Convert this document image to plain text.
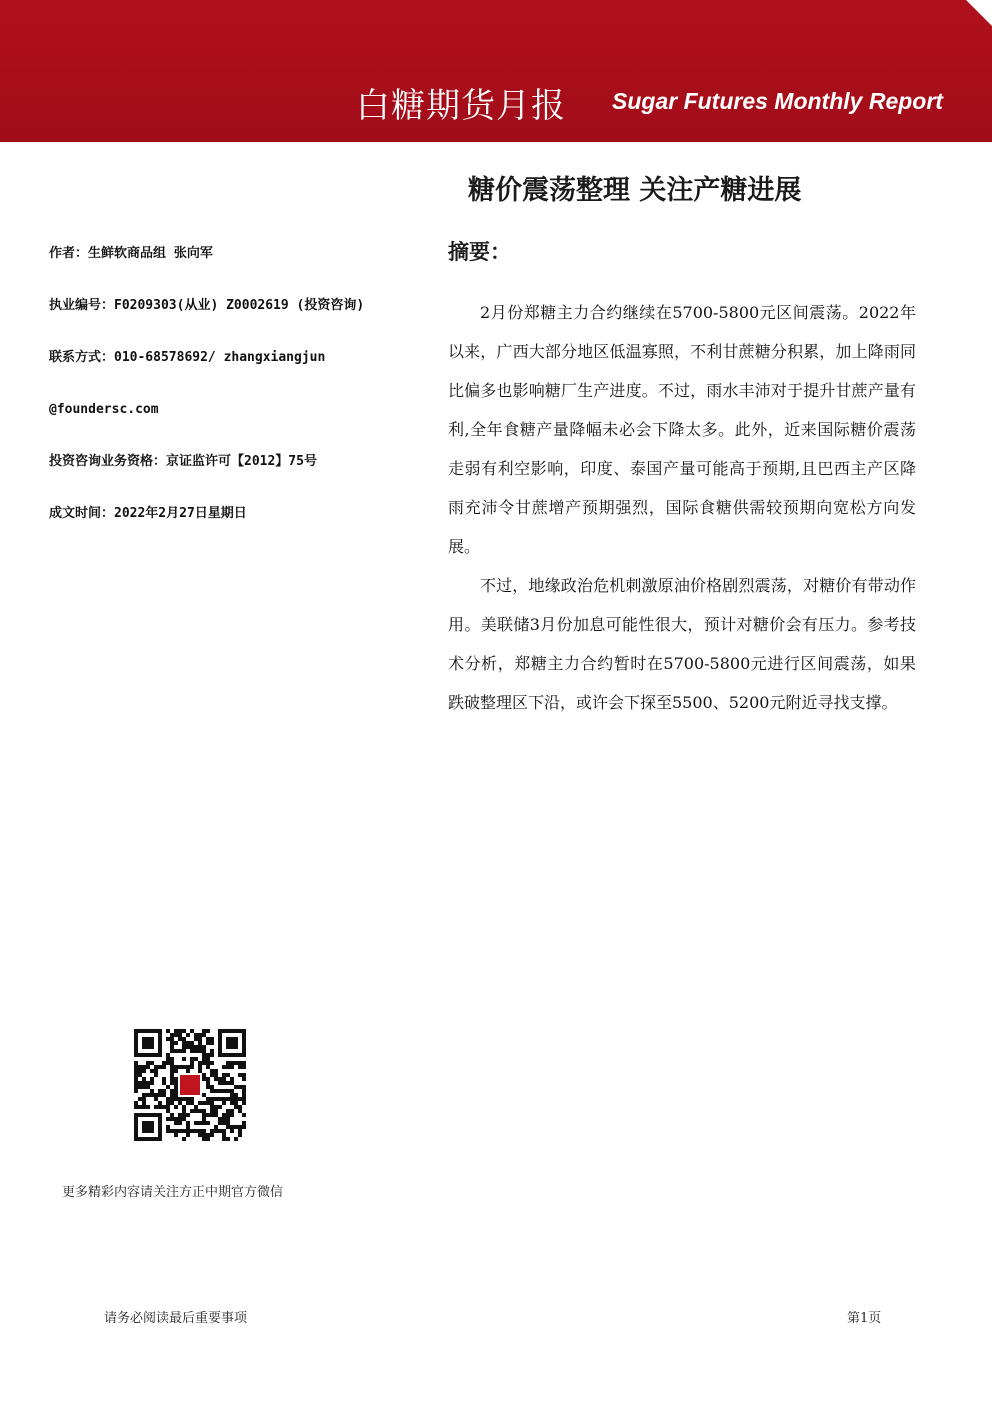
白糖期货月报 Sugar Futures Monthly Report
糖价震荡整理 关注产糖进展
作者：生鲜软商品组 张向军
执业编号：F0209303(从业) Z0002619 (投资咨询)
联系方式：010-68578692/ zhangxiangjun
@foundersc.com
投资咨询业务资格：京证监许可【2012】75号
成文时间：2022年2月27日星期日
摘要：

2月份郑糖主力合约继续在5700-5800元区间震荡。2022年以来，广西大部分地区低温寡照，不利甘蔗糖分积累，加上降雨同比偏多也影响糖厂生产进度。不过，雨水丰沛对于提升甘蔗产量有利,全年食糖产量降幅未必会下降太多。此外，近来国际糖价震荡走弱有利空影响，印度、泰国产量可能高于预期,且巴西主产区降雨充沛令甘蔗增产预期强烈，国际食糖供需较预期向宽松方向发展。

不过，地缘政治危机刺激原油价格剧烈震荡，对糖价有带动作用。美联储3月份加息可能性很大，预计对糖价会有压力。参考技术分析，郑糖主力合约暂时在5700-5800元进行区间震荡，如果跌破整理区下沿，或许会下探至5500、5200元附近寻找支撑。

更多精彩内容请关注方正中期官方微信
请务必阅读最后重要事项	第1页
